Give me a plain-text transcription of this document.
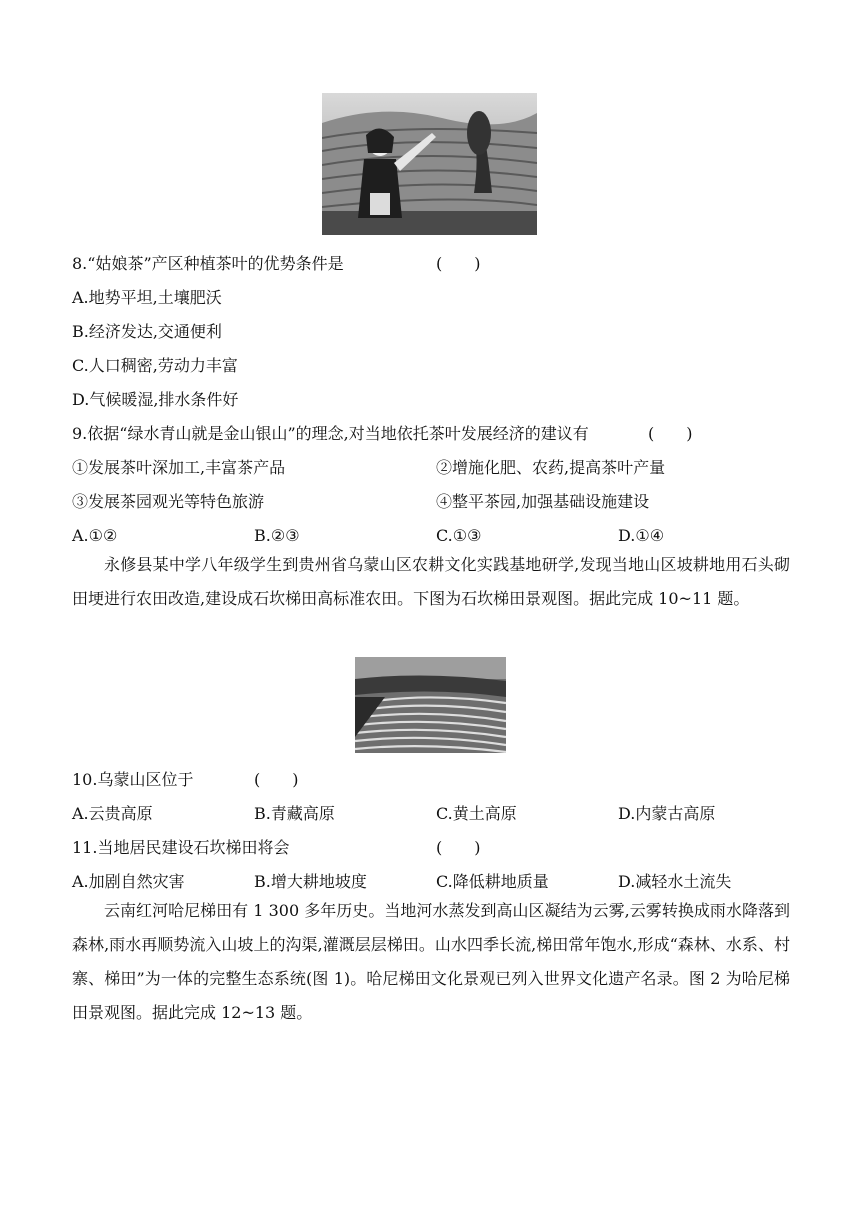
8.“姑娘茶”产区种植茶叶的优势条件是	(　　)
A.地势平坦,土壤肥沃
B.经济发达,交通便利
C.人口稠密,劳动力丰富
D.气候暖湿,排水条件好
9.依据“绿水青山就是金山银山”的理念,对当地依托茶叶发展经济的建议有	(　　)
①发展茶叶深加工,丰富茶产品	②增施化肥、农药,提高茶叶产量
③发展茶园观光等特色旅游	④整平茶园,加强基础设施建设
A.①②	B.②③	C.①③	D.①④
永修县某中学八年级学生到贵州省乌蒙山区农耕文化实践基地研学,发现当地山区坡耕地用石头砌田埂进行农田改造,建设成石坎梯田高标准农田。下图为石坎梯田景观图。据此完成 10~11 题。
10.乌蒙山区位于	(　　)
A.云贵高原	B.青藏高原	C.黄土高原	D.内蒙古高原
11.当地居民建设石坎梯田将会	(　　)
A.加剧自然灾害	B.增大耕地坡度	C.降低耕地质量	D.减轻水土流失
云南红河哈尼梯田有 1 300 多年历史。当地河水蒸发到高山区凝结为云雾,云雾转换成雨水降落到森林,雨水再顺势流入山坡上的沟渠,灌溉层层梯田。山水四季长流,梯田常年饱水,形成“森林、水系、村寨、梯田”为一体的完整生态系统(图 1)。哈尼梯田文化景观已列入世界文化遗产名录。图 2 为哈尼梯田景观图。据此完成 12~13 题。
